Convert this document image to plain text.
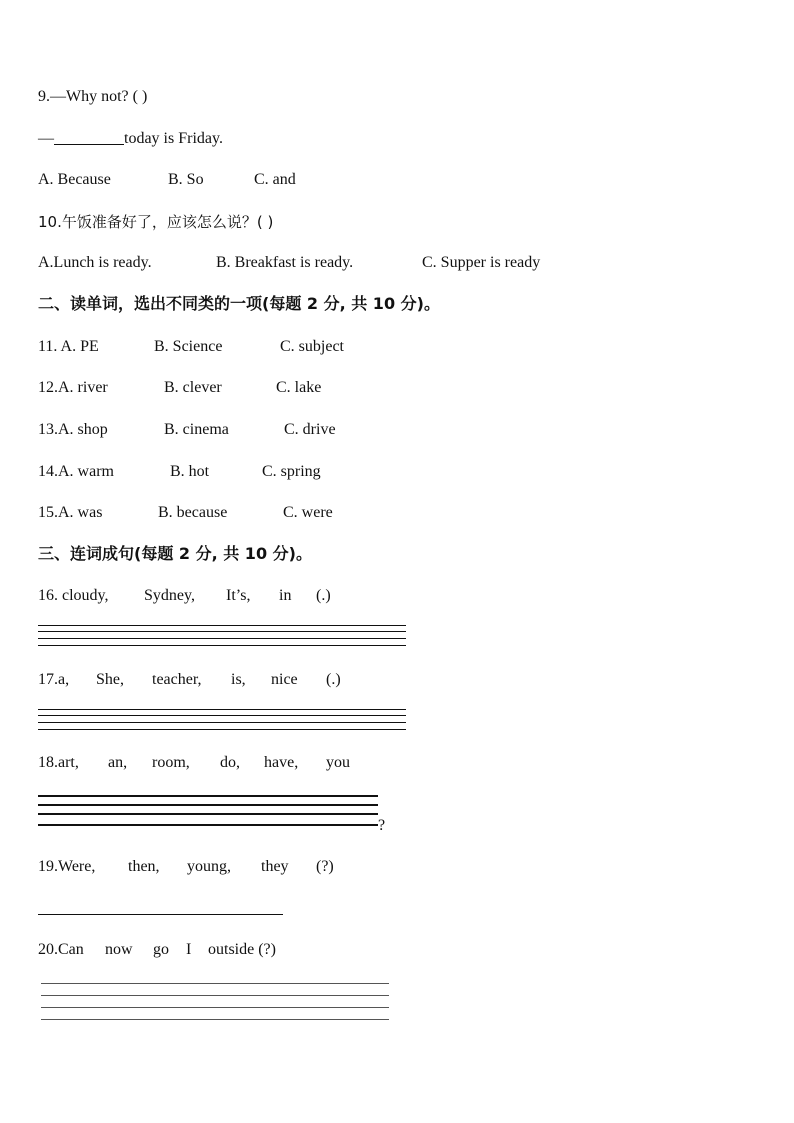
9.—Why not? ( )
—	today is Friday.
A. Because	B. So	C. and
10.午饭准备好了，应该怎么说？( )
A.Lunch is ready.	B. Breakfast is ready.	C. Supper is ready
二、读单词，选出不同类的一项(每题 2 分, 共 10 分)。
11. A. PE	B. Science	C. subject
12.A. river	B. clever	C. lake
13.A. shop	B. cinema	C. drive
14.A. warm	B. hot	C. spring
15.A. was	B. because	C. were
三、连词成句(每题 2 分, 共 10 分)。
16. cloudy, Sydney, It’s, in (.)
17.a, She, teacher, is, nice (.)
18.art, an, room, do, have, you
?
19.Were, then, young, they (?)
20.Can now go I outside (?)
